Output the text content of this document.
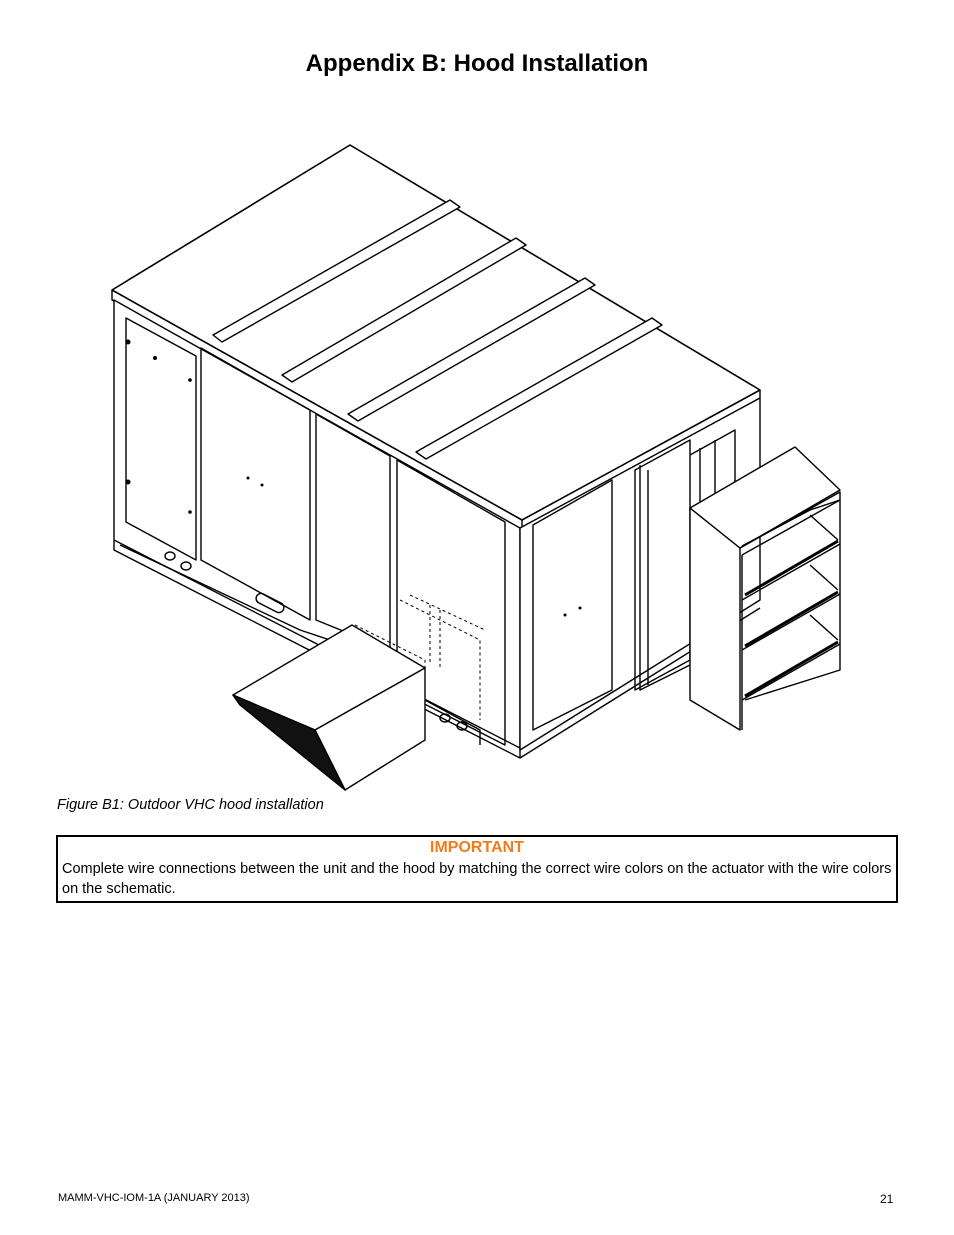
Appendix B: Hood Installation
Figure B1: Outdoor VHC hood installation
IMPORTANT
Complete wire connections between the unit and the hood by matching the correct wire colors on the actuator with the wire colors on the schematic.
MAMM-VHC-IOM-1A (JANUARY 2013)	21
